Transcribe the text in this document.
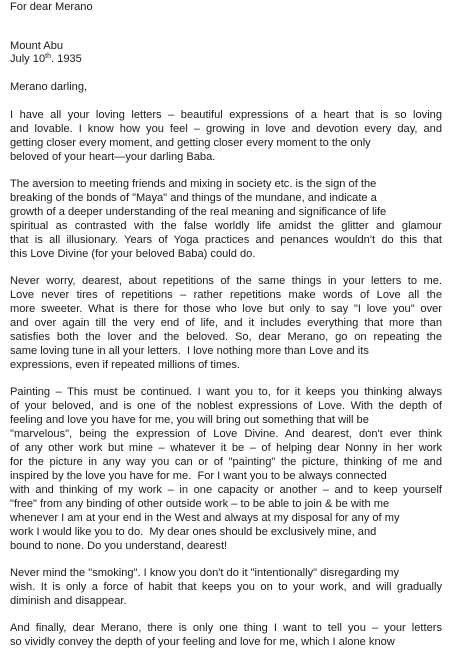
For dear Merano
Mount Abu
July 10th. 1935
Merano darling,
I have all your loving letters – beautiful expressions of a heart that is so loving
and lovable. I know how you feel – growing in love and devotion every day, and
getting closer every moment, and getting closer every moment to the only
beloved of your heart—your darling Baba.
The aversion to meeting friends and mixing in society etc. is the sign of the
breaking of the bonds of "Maya" and things of the mundane, and indicate a
growth of a deeper understanding of the real meaning and significance of life
spiritual as contrasted with the false worldly life amidst the glitter and glamour
that is all illusionary. Years of Yoga practices and penances wouldn't do this that
this Love Divine (for your beloved Baba) could do.
Never worry, dearest, about repetitions of the same things in your letters to me.
Love never tires of repetitions – rather repetitions make words of Love all the
more sweeter. What is there for those who love but only to say "I love you" over
and over again till the very end of life, and it includes everything that more than
satisfies both the lover and the beloved. So, dear Merano, go on repeating the
same loving tune in all your letters.  I love nothing more than Love and its
expressions, even if repeated millions of times.
Painting – This must be continued. I want you to, for it keeps you thinking always
of your beloved, and is one of the noblest expressions of Love. With the depth of
feeling and love you have for me, you will bring out something that will be
"marvelous", being the expression of Love Divine. And dearest, don't ever think
of any other work but mine – whatever it be – of helping dear Nonny in her work
for the picture in any way you can or of "painting" the picture, thinking of me and
inspired by the love you have for me.  For I want you to be always connected
with and thinking of my work – in one capacity or another – and to keep yourself
"free" from any binding of other outside work – to be able to join & be with me
whenever I am at your end in the West and always at my disposal for any of my
work I would like you to do.  My dear ones should be exclusively mine, and
bound to none. Do you understand, dearest!
Never mind the "smoking". I know you don't do it "intentionally" disregarding my
wish. It is only a force of habit that keeps you on to your work, and will gradually
diminish and disappear.
And finally, dear Merano, there is only one thing I want to tell you – your letters
so vividly convey the depth of your feeling and love for me, which I alone know
